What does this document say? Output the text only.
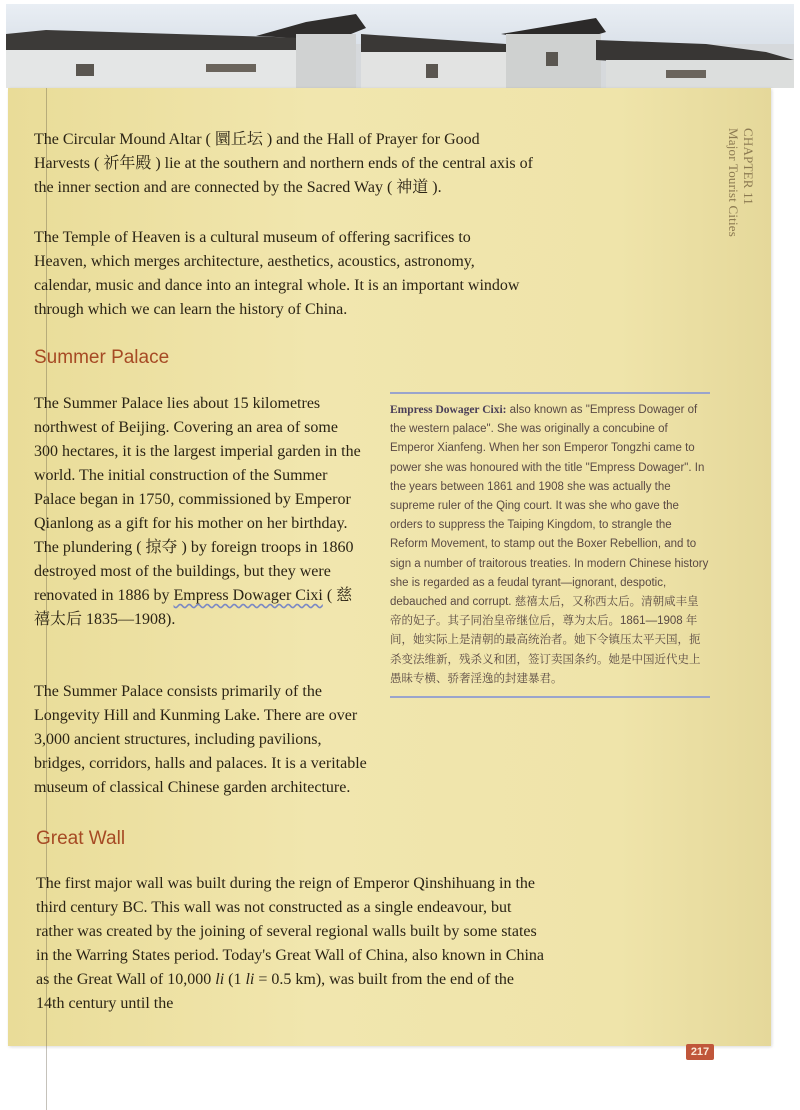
CHAPTER 11
Major Tourist Cities

The Circular Mound Altar ( 圜丘坛 ) and the Hall of Prayer for Good Harvests ( 祈年殿 ) lie at the southern and northern ends of the central axis of the inner section and are connected by the Sacred Way ( 神道 ).

The Temple of Heaven is a cultural museum of offering sacrifices to Heaven, which merges architecture, aesthetics, acoustics, astronomy, calendar, music and dance into an integral whole. It is an important window through which we can learn the history of China.

Summer Palace

The Summer Palace lies about 15 kilometres northwest of Beijing. Covering an area of some 300 hectares, it is the largest imperial garden in the world. The initial construction of the Summer Palace began in 1750, commissioned by Emperor Qianlong as a gift for his mother on her birthday. The plundering ( 掠夺 ) by foreign troops in 1860 destroyed most of the buildings, but they were renovated in 1886 by Empress Dowager Cixi ( 慈禧太后 1835—1908).

Empress Dowager Cixi: also known as "Empress Dowager of the western palace". She was originally a concubine of Emperor Xianfeng. When her son Emperor Tongzhi came to power she was honoured with the title "Empress Dowager". In the years between 1861 and 1908 she was actually the supreme ruler of the Qing court. It was she who gave the orders to suppress the Taiping Kingdom, to strangle the Reform Movement, to stamp out the Boxer Rebellion, and to sign a number of traitorous treaties. In modern Chinese history she is regarded as a feudal tyrant—ignorant, despotic, debauched and corrupt. 慈禧太后，又称西太后。清朝咸丰皇帝的妃子。其子同治皇帝继位后，尊为太后。1861—1908 年间，她实际上是清朝的最高统治者。她下令镇压太平天国，扼杀变法维新，残杀义和团，签订卖国条约。她是中国近代史上愚昧专横、骄奢淫逸的封建暴君。

The Summer Palace consists primarily of the Longevity Hill and Kunming Lake. There are over 3,000 ancient structures, including pavilions, bridges, corridors, halls and palaces. It is a veritable museum of classical Chinese garden architecture.

Great Wall

The first major wall was built during the reign of Emperor Qinshihuang in the third century BC. This wall was not constructed as a single endeavour, but rather was created by the joining of several regional walls built by some states in the Warring States period. Today's Great Wall of China, also known in China as the Great Wall of 10,000 li (1 li = 0.5 km), was built from the end of the 14th century until the

217
